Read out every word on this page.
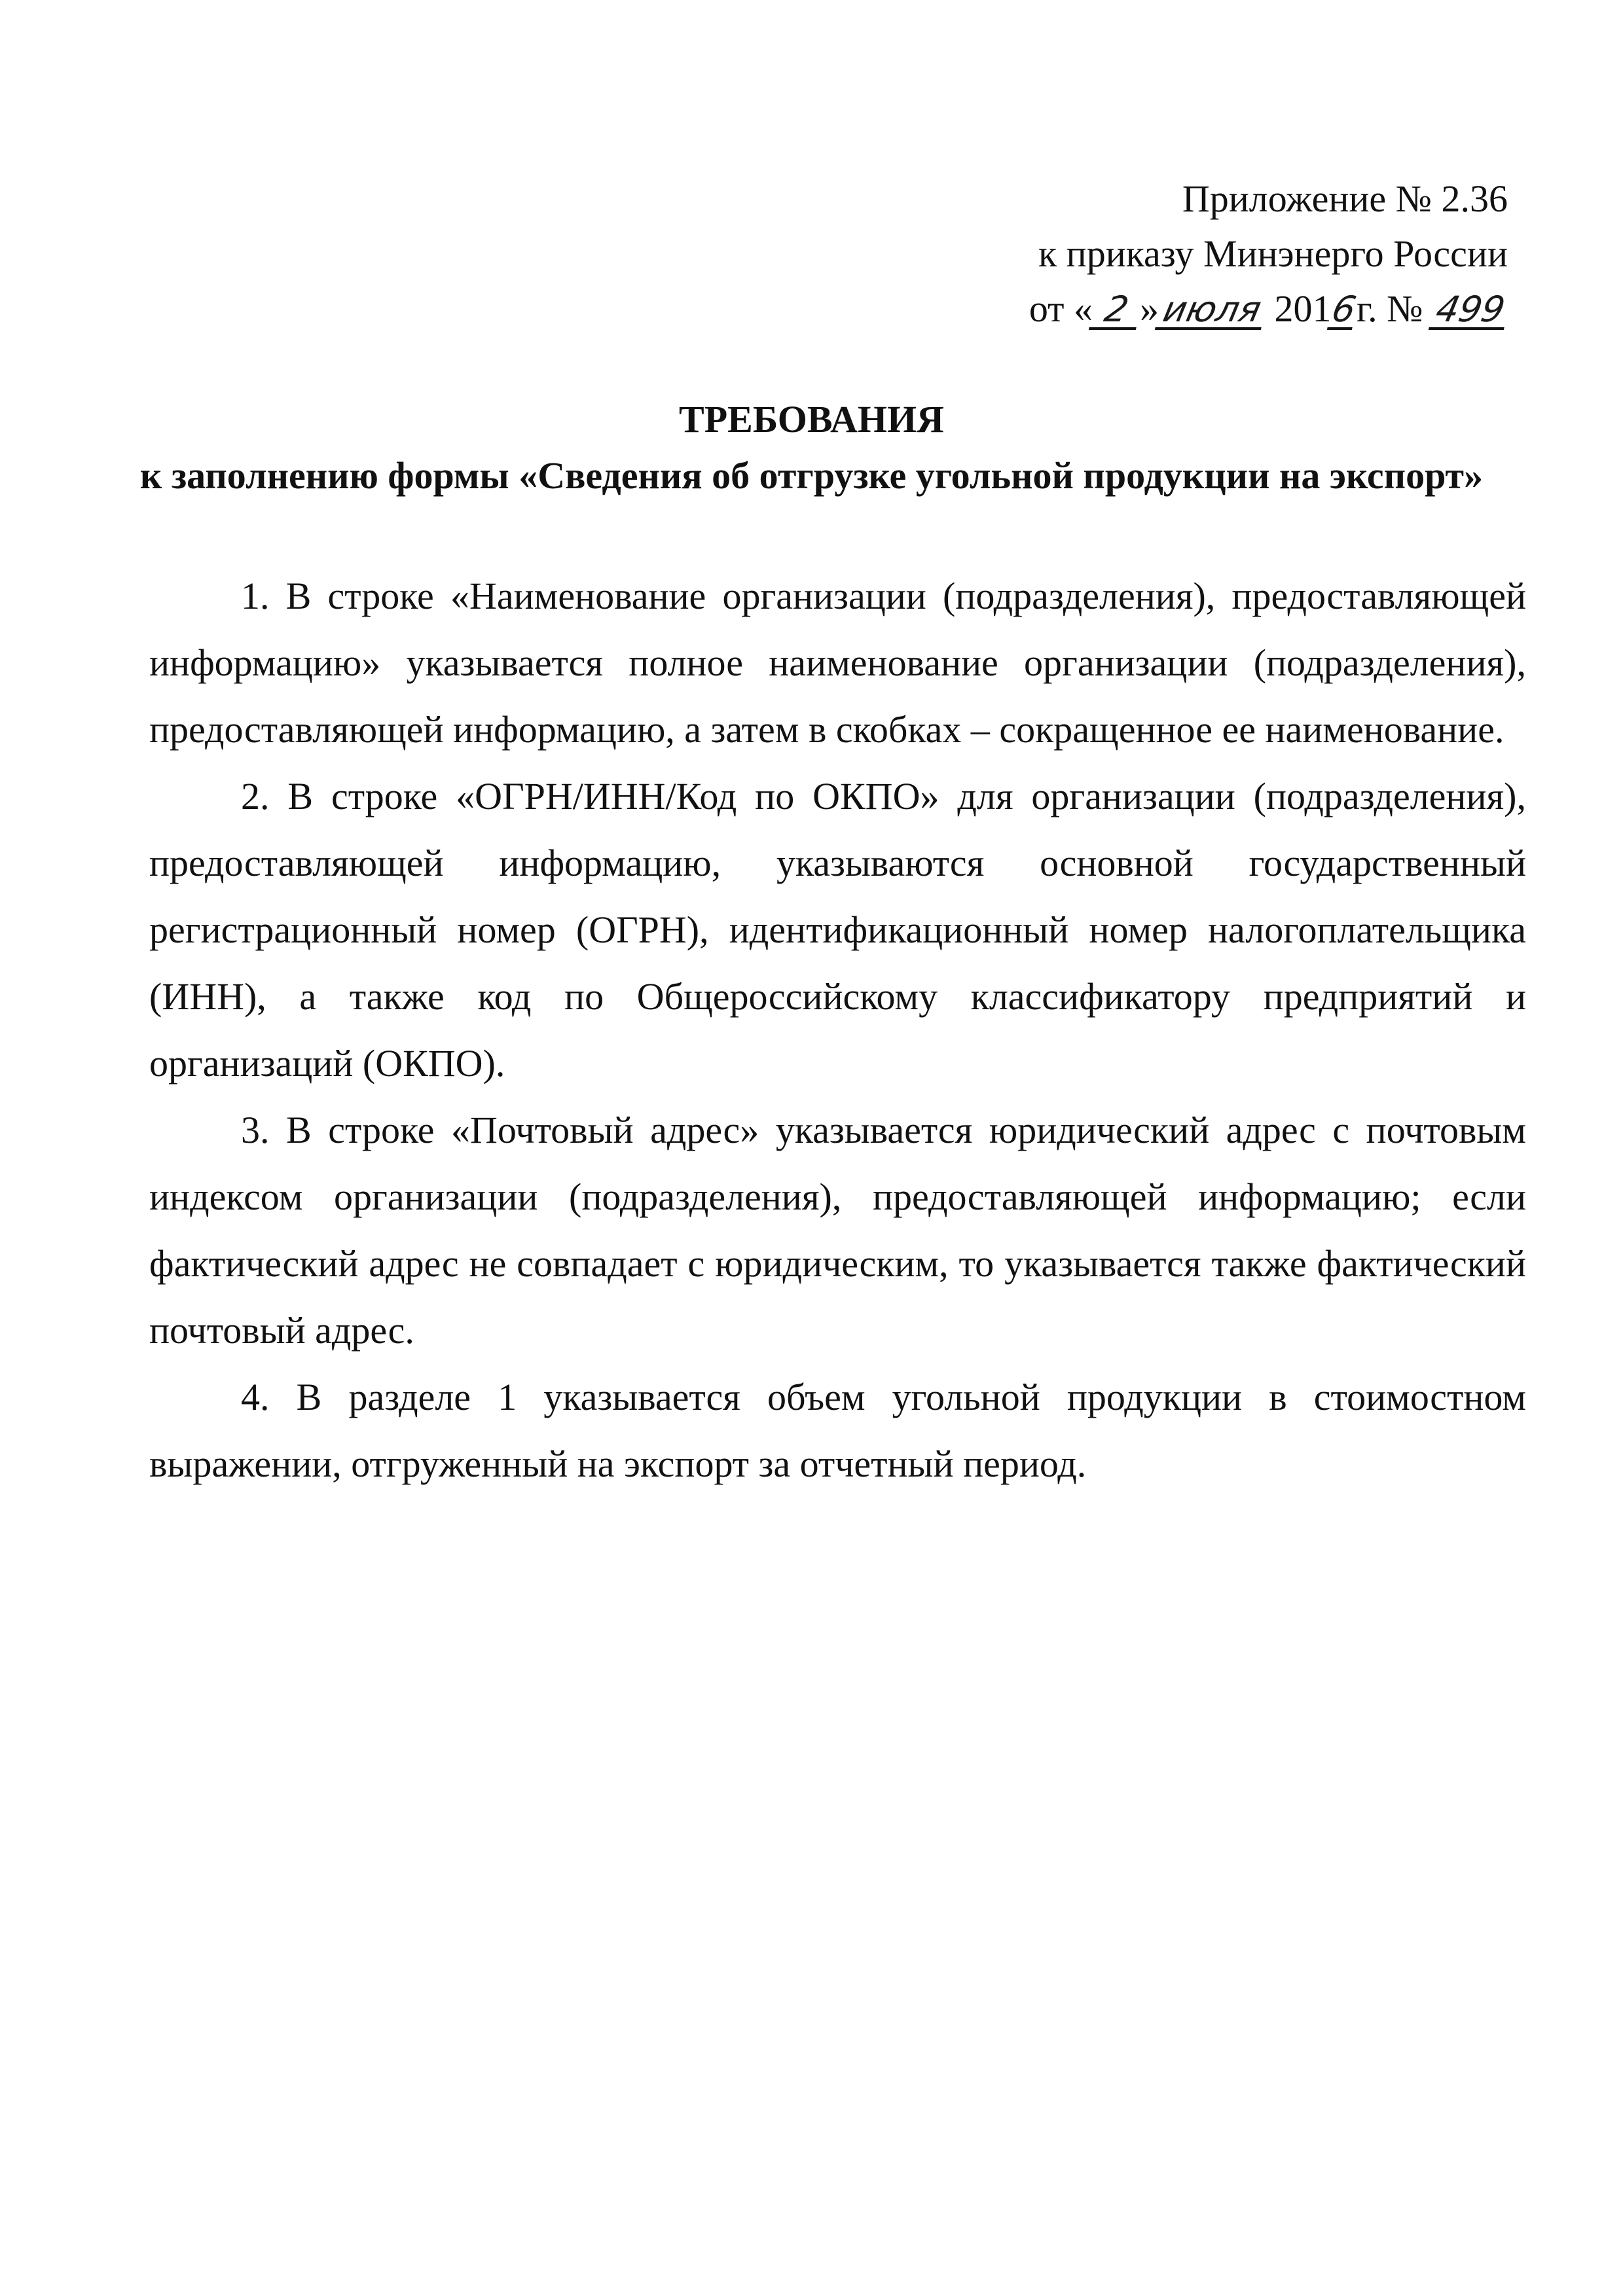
Приложение № 2.36
к приказу Минэнерго России
от « 2 »июля 2016г. № 499
ТРЕБОВАНИЯ
к заполнению формы «Сведения об отгрузке угольной продукции на экспорт»

1. В строке «Наименование организации (подразделения), предоставляющей информацию» указывается полное наименование организации (подразделения), предоставляющей информацию, а затем в скобках – сокращенное ее наименование.

2. В строке «ОГРН/ИНН/Код по ОКПО» для организации (подразделения), предоставляющей информацию, указываются основной государственный регистрационный номер (ОГРН), идентификационный номер налогоплательщика (ИНН), а также код по Общероссийскому классификатору предприятий и организаций (ОКПО).

3. В строке «Почтовый адрес» указывается юридический адрес с почтовым индексом организации (подразделения), предоставляющей информацию; если фактический адрес не совпадает с юридическим, то указывается также фактический почтовый адрес.

4. В разделе 1 указывается объем угольной продукции в стоимостном выражении, отгруженный на экспорт за отчетный период.
